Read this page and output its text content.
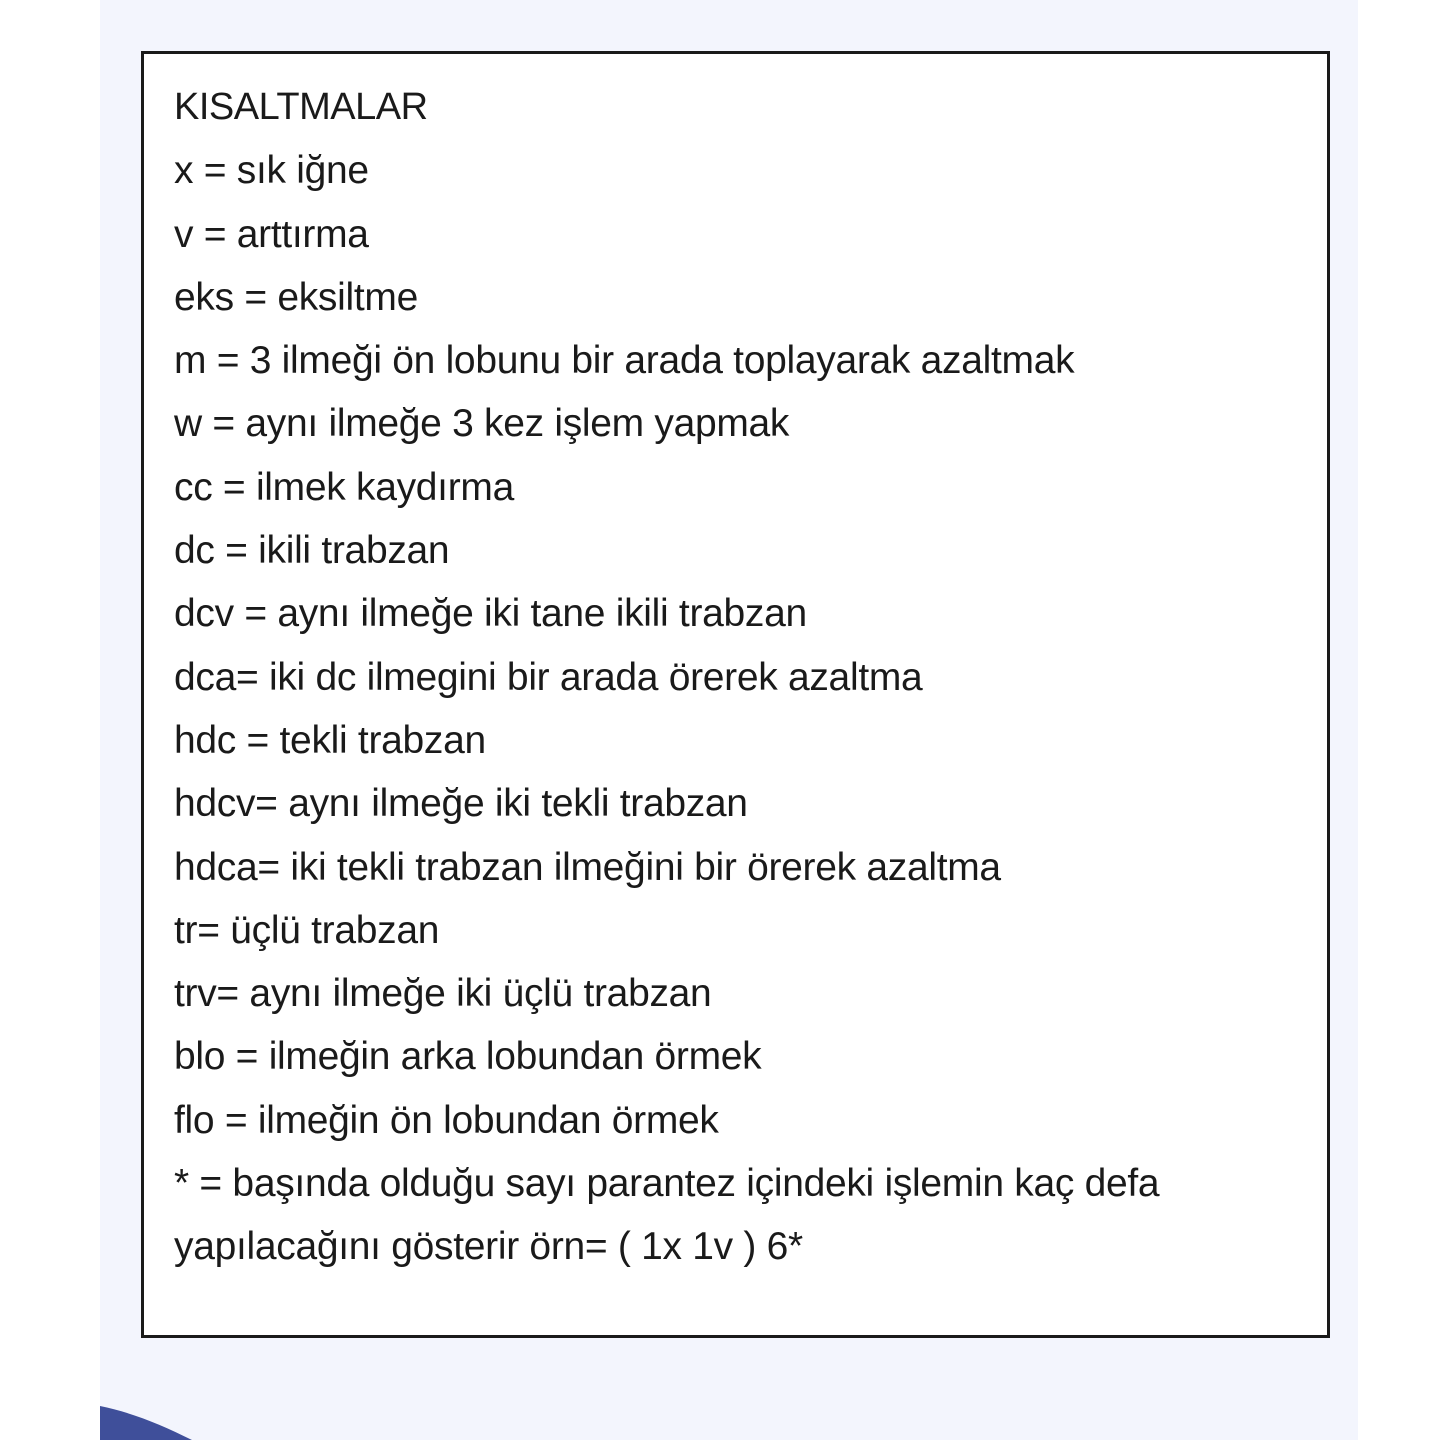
KISALTMALAR
x = sık iğne
v = arttırma
eks = eksiltme
m = 3 ilmeği ön lobunu bir arada toplayarak azaltmak
w = aynı ilmeğe 3 kez işlem yapmak
cc = ilmek kaydırma
dc = ikili trabzan
dcv = aynı ilmeğe iki tane ikili trabzan
dca= iki dc ilmegini bir arada örerek azaltma
hdc = tekli trabzan
hdcv= aynı ilmeğe iki tekli trabzan
hdca= iki tekli trabzan ilmeğini bir örerek azaltma
tr= üçlü trabzan
trv= aynı ilmeğe iki üçlü trabzan
blo = ilmeğin arka lobundan örmek
flo = ilmeğin ön lobundan örmek
* = başında olduğu sayı parantez içindeki işlemin kaç defa
yapılacağını gösterir örn= ( 1x 1v ) 6*
